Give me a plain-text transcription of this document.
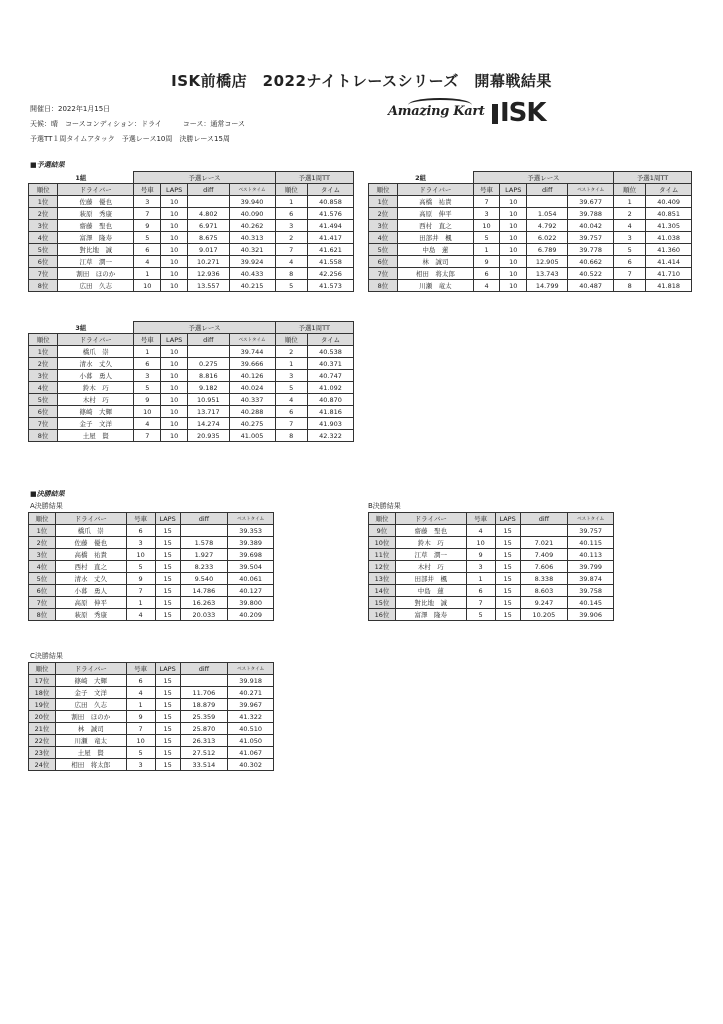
ISK前橋店　2022ナイトレースシリーズ　開幕戦結果
開催日：2022年1月15日
天候：晴　コースコンディション：ドライ　　　コース：通常コース
予選TT１周タイムアタック　予選レース10周　決勝レース15周
Amazing Kart ISK
■予選結果
1組		予選レース				予選1周TT	
順位	ドライバー	号車	LAPS	diff	ベストタイム	順位	タイム
1位	佐藤　優也	3	10		39.940	1	40.858
2位	萩原　秀康	7	10	4.802	40.090	6	41.576
3位	齋藤　聖也	9	10	6.971	40.262	3	41.494
4位	富澤　隆寿	5	10	8.675	40.313	2	41.417
5位	對比地　誠	6	10	9.017	40.321	7	41.621
6位	江草　潤一	4	10	10.271	39.924	4	41.558
7位	割田　ほのか	1	10	12.936	40.433	8	42.256
8位	広田　久志	10	10	13.557	40.215	5	41.573
2組		予選レース				予選1周TT	
順位	ドライバー	号車	LAPS	diff	ベストタイム	順位	タイム
1位	高橋　祐貴	7	10		39.677	1	40.409
2位	高原　伸平	3	10	1.054	39.788	2	40.851
3位	西村　直之	10	10	4.792	40.042	4	41.305
4位	田部井　楓	5	10	6.022	39.757	3	41.038
5位	中島　蓮	1	10	6.789	39.778	5	41.360
6位	林　誠司	9	10	12.905	40.662	6	41.414
7位	相田　将太郎	6	10	13.743	40.522	7	41.710
8位	川瀬　竜太	4	10	14.799	40.487	8	41.818
3組		予選レース				予選1周TT	
順位	ドライバー	号車	LAPS	diff	ベストタイム	順位	タイム
1位	橋爪　崇	1	10		39.744	2	40.538
2位	清水　丈久	6	10	0.275	39.666	1	40.371
3位	小暮　勇人	3	10	8.816	40.126	3	40.747
4位	鈴木　巧	5	10	9.182	40.024	5	41.092
5位	木村　巧	9	10	10.951	40.337	4	40.870
6位	篠崎　大輝	10	10	13.717	40.288	6	41.816
7位	金子　文洋	4	10	14.274	40.275	7	41.903
8位	土屋　賢	7	10	20.935	41.005	8	42.322
■決勝結果
A決勝結果
順位	ドライバー	号車	LAPS	diff	ベストタイム
1位	橋爪　崇	6	15		39.353
2位	佐藤　優也	3	15	1.578	39.389
3位	高橋　祐貴	10	15	1.927	39.698
4位	西村　直之	5	15	8.233	39.504
5位	清水　丈久	9	15	9.540	40.061
6位	小暮　勇人	7	15	14.786	40.127
7位	高原　伸平	1	15	16.263	39.800
8位	萩原　秀康	4	15	20.033	40.209
B決勝結果
順位	ドライバー	号車	LAPS	diff	ベストタイム
9位	齋藤　聖也	4	15		39.757
10位	鈴木　巧	10	15	7.021	40.115
11位	江草　潤一	9	15	7.409	40.113
12位	木村　巧	3	15	7.606	39.799
13位	田部井　楓	1	15	8.338	39.874
14位	中島　蓮	6	15	8.603	39.758
15位	對比地　誠	7	15	9.247	40.145
16位	富澤　隆寿	5	15	10.205	39.906
C決勝結果
順位	ドライバー	号車	LAPS	diff	ベストタイム
17位	篠崎　大輝	6	15		39.918
18位	金子　文洋	4	15	11.706	40.271
19位	広田　久志	1	15	18.879	39.967
20位	割田　ほのか	9	15	25.359	41.322
21位	林　誠司	7	15	25.870	40.510
22位	川瀬　竜太	10	15	26.313	41.050
23位	土屋　賢	5	15	27.512	41.067
24位	相田　将太郎	3	15	33.514	40.302
